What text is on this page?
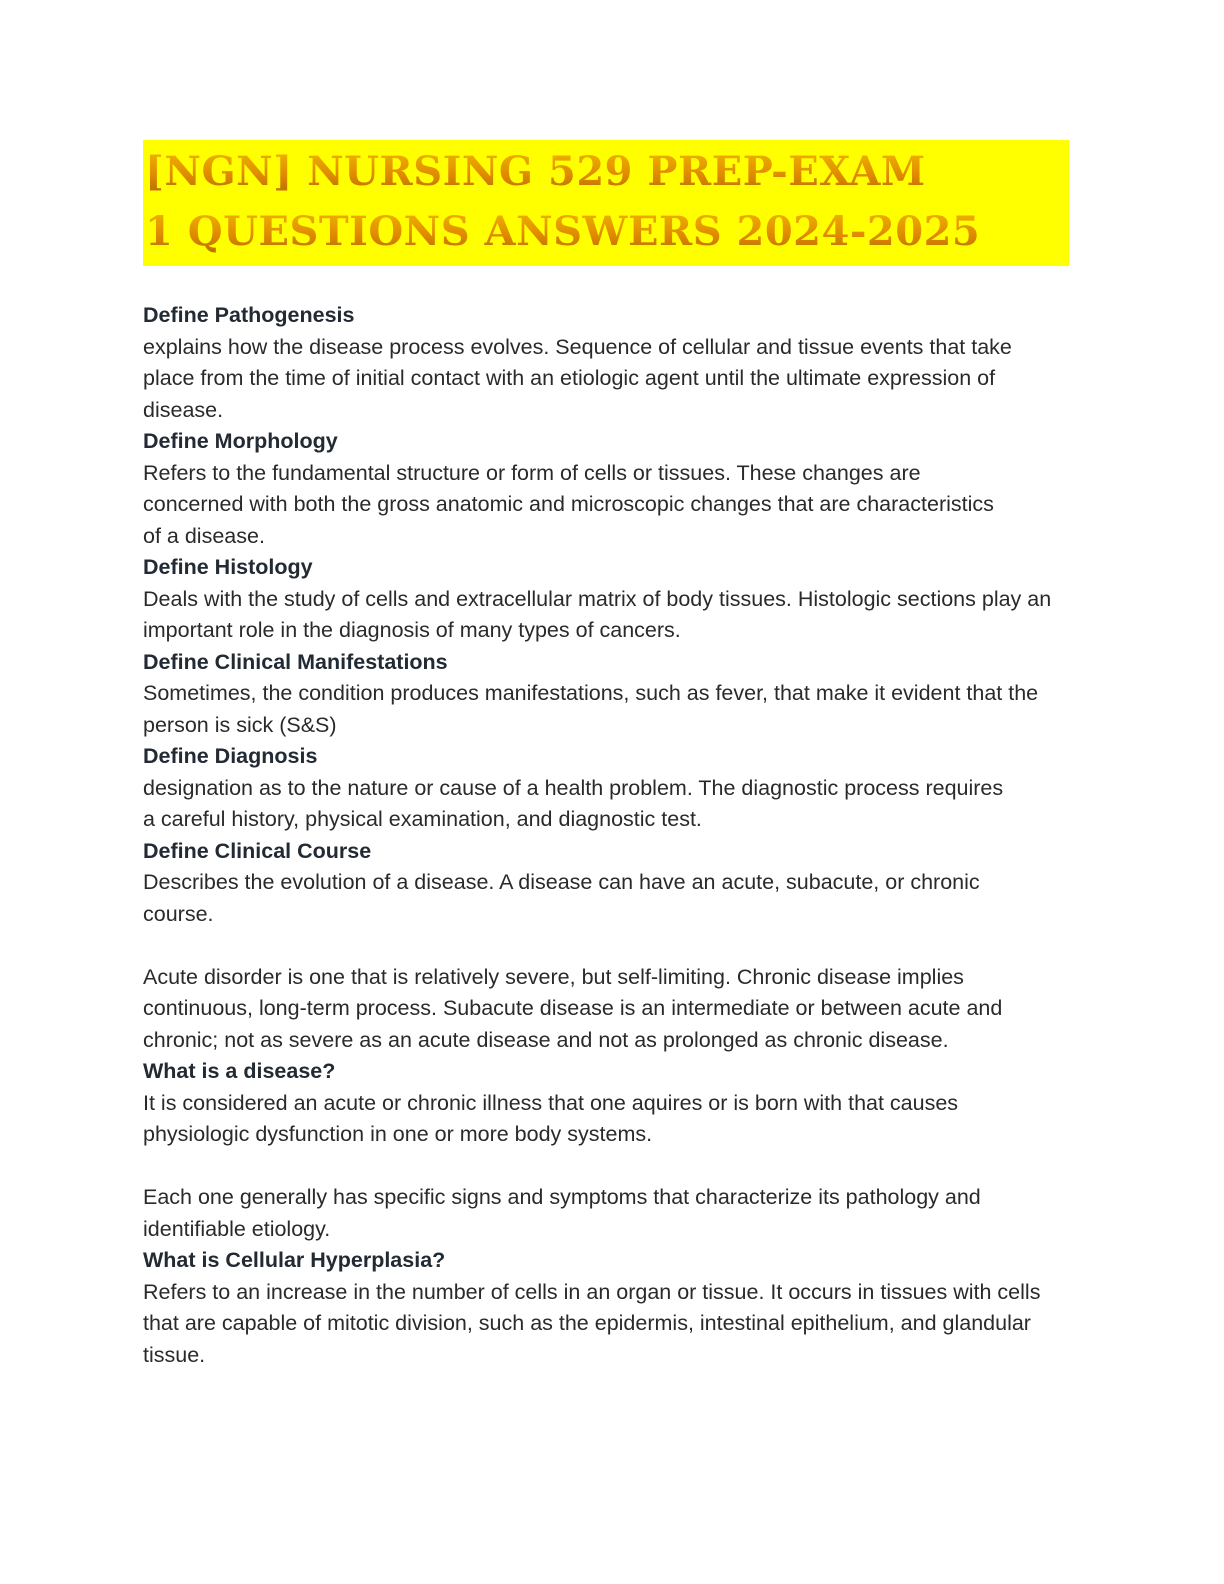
[NGN] NURSING 529 PREP-EXAM
1 QUESTIONS ANSWERS 2024-2025

Define Pathogenesis

explains how the disease process evolves. Sequence of cellular and tissue events that take place from the time of initial contact with an etiologic agent until the ultimate expression of disease.

Define Morphology

Refers to the fundamental structure or form of cells or tissues. These changes are concerned with both the gross anatomic and microscopic changes that are characteristics of a disease.

Define Histology

Deals with the study of cells and extracellular matrix of body tissues. Histologic sections play an important role in the diagnosis of many types of cancers.

Define Clinical Manifestations

Sometimes, the condition produces manifestations, such as fever, that make it evident that the person is sick (S&S)

Define Diagnosis

designation as to the nature or cause of a health problem. The diagnostic process requires a careful history, physical examination, and diagnostic test.

Define Clinical Course

Describes the evolution of a disease. A disease can have an acute, subacute, or chronic course.

Acute disorder is one that is relatively severe, but self-limiting. Chronic disease implies continuous, long-term process. Subacute disease is an intermediate or between acute and chronic; not as severe as an acute disease and not as prolonged as chronic disease.

What is a disease?

It is considered an acute or chronic illness that one aquires or is born with that causes physiologic dysfunction in one or more body systems.

Each one generally has specific signs and symptoms that characterize its pathology and identifiable etiology.

What is Cellular Hyperplasia?

Refers to an increase in the number of cells in an organ or tissue. It occurs in tissues with cells that are capable of mitotic division, such as the epidermis, intestinal epithelium, and glandular tissue.
